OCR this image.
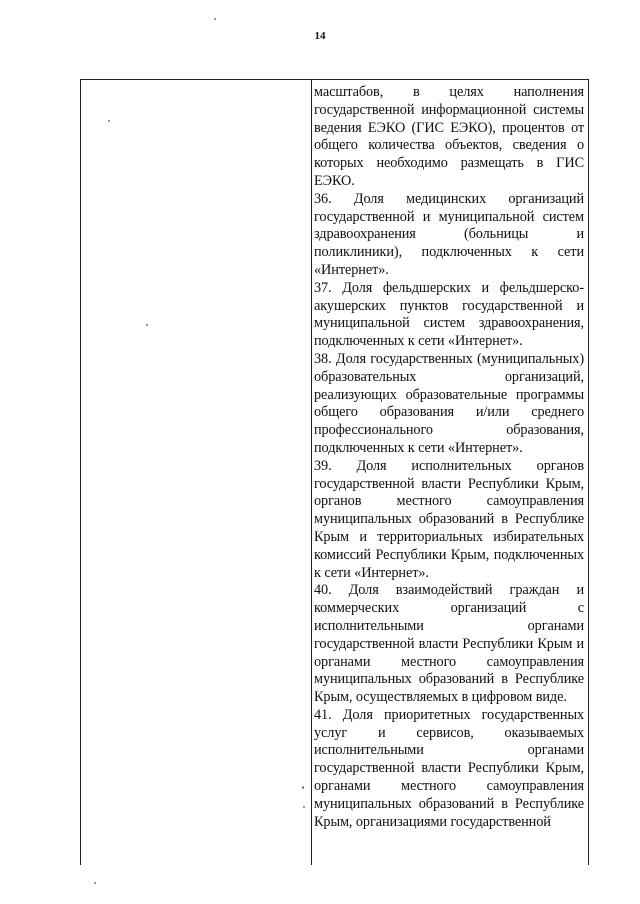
14

масштабов, в целях наполнения государственной информационной системы ведения ЕЭКО (ГИС ЕЭКО), процентов от общего количества объектов, сведения о которых необходимо размещать в ГИС ЕЭКО.

36. Доля медицинских организаций государственной и муниципальной систем здравоохранения (больницы и поликлиники), подключенных к сети «Интернет».

37. Доля фельдшерских и фельдшерско-акушерских пунктов государственной и муниципальной систем здравоохранения, подключенных к сети «Интернет».

38. Доля государственных (муниципальных) образовательных организаций, реализующих образовательные программы общего образования и/или среднего профессионального образования, подключенных к сети «Интернет».

39. Доля исполнительных органов государственной власти Республики Крым, органов местного самоуправления муниципальных образований в Республике Крым и территориальных избирательных комиссий Республики Крым, подключенных к сети «Интернет».

40. Доля взаимодействий граждан и коммерческих организаций с исполнительными органами государственной власти Республики Крым и органами местного самоуправления муниципальных образований в Республике Крым, осуществляемых в цифровом виде.

41. Доля приоритетных государственных услуг и сервисов, оказываемых исполнительными органами государственной власти Республики Крым, органами местного самоуправления муниципальных образований в Республике Крым, организациями государственной
